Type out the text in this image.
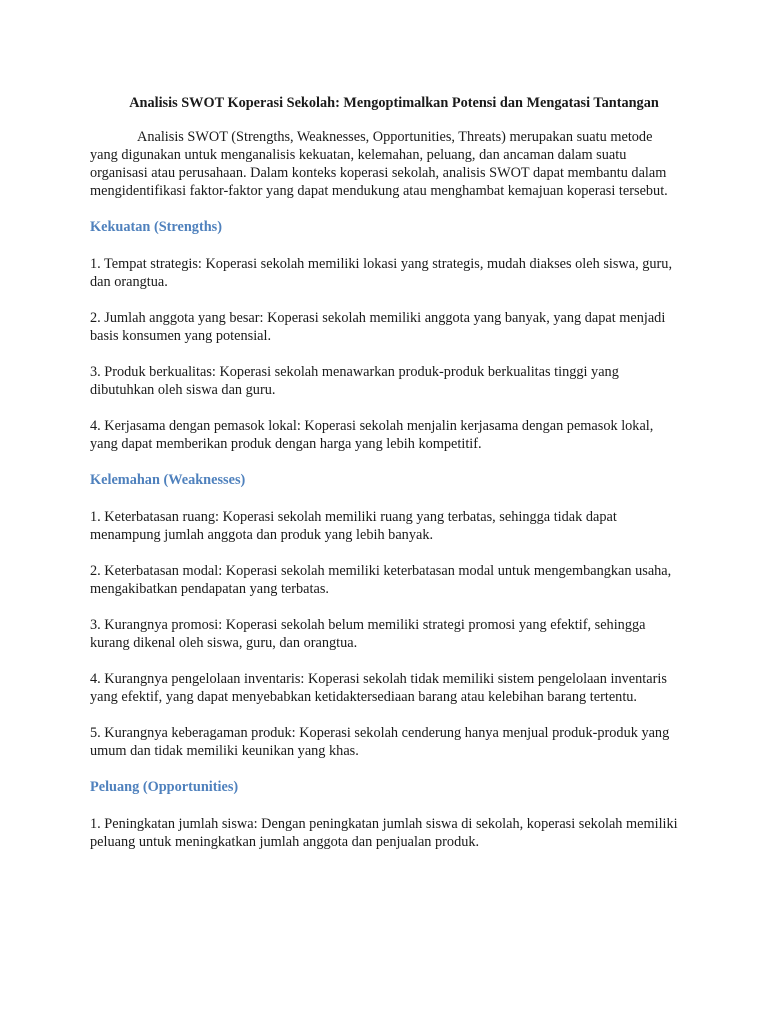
Analisis SWOT Koperasi Sekolah: Mengoptimalkan Potensi dan Mengatasi Tantangan

Analisis SWOT (Strengths, Weaknesses, Opportunities, Threats) merupakan suatu metode yang digunakan untuk menganalisis kekuatan, kelemahan, peluang, dan ancaman dalam suatu organisasi atau perusahaan. Dalam konteks koperasi sekolah, analisis SWOT dapat membantu dalam mengidentifikasi faktor-faktor yang dapat mendukung atau menghambat kemajuan koperasi tersebut.

Kekuatan (Strengths)

1. Tempat strategis: Koperasi sekolah memiliki lokasi yang strategis, mudah diakses oleh siswa, guru, dan orangtua.

2. Jumlah anggota yang besar: Koperasi sekolah memiliki anggota yang banyak, yang dapat menjadi basis konsumen yang potensial.

3. Produk berkualitas: Koperasi sekolah menawarkan produk-produk berkualitas tinggi yang dibutuhkan oleh siswa dan guru.

4. Kerjasama dengan pemasok lokal: Koperasi sekolah menjalin kerjasama dengan pemasok lokal, yang dapat memberikan produk dengan harga yang lebih kompetitif.

Kelemahan (Weaknesses)

1. Keterbatasan ruang: Koperasi sekolah memiliki ruang yang terbatas, sehingga tidak dapat menampung jumlah anggota dan produk yang lebih banyak.

2. Keterbatasan modal: Koperasi sekolah memiliki keterbatasan modal untuk mengembangkan usaha, mengakibatkan pendapatan yang terbatas.

3. Kurangnya promosi: Koperasi sekolah belum memiliki strategi promosi yang efektif, sehingga kurang dikenal oleh siswa, guru, dan orangtua.

4. Kurangnya pengelolaan inventaris: Koperasi sekolah tidak memiliki sistem pengelolaan inventaris yang efektif, yang dapat menyebabkan ketidaktersediaan barang atau kelebihan barang tertentu.

5. Kurangnya keberagaman produk: Koperasi sekolah cenderung hanya menjual produk-produk yang umum dan tidak memiliki keunikan yang khas.

Peluang (Opportunities)

1. Peningkatan jumlah siswa: Dengan peningkatan jumlah siswa di sekolah, koperasi sekolah memiliki peluang untuk meningkatkan jumlah anggota dan penjualan produk.
